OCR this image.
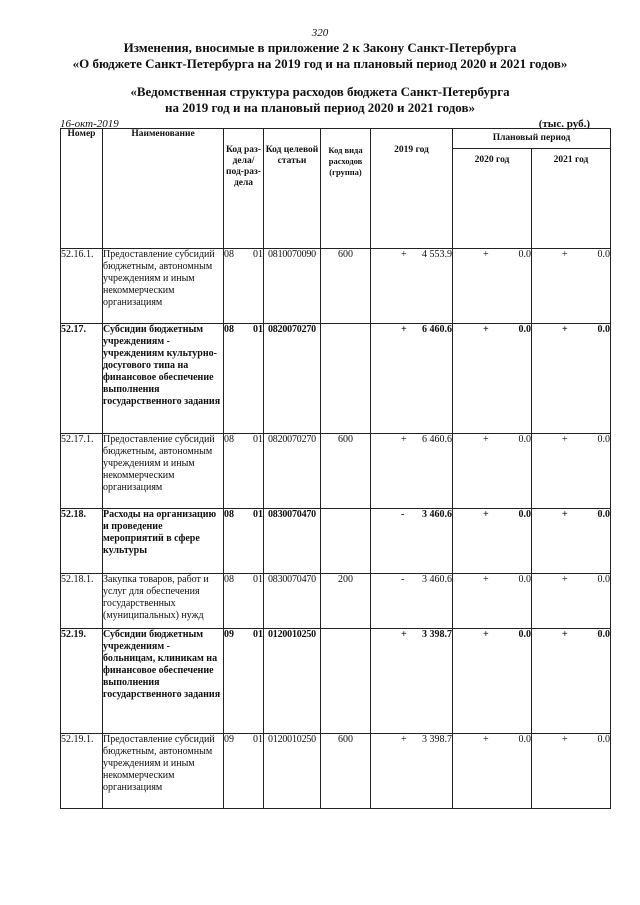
320
Изменения, вносимые в приложение 2 к Закону Санкт-Петербурга
«О бюджете Санкт-Петербурга на 2019 год и на плановый период 2020 и 2021 годов»
«Ведомственная структура расходов бюджета Санкт-Петербурга
на 2019 год и на плановый период 2020 и 2021 годов»
16-окт-2019	(тыс. руб.)
Номер	Наименование	Код раз-дела/ под-раз-дела	Код целевой статьи	Код вида расходов (группа)	2019 год	Плановый период	
						2020 год	2021 год
52.16.1.	Предоставление субсидий бюджетным, автономным учреждениям и иным некоммерческим организациям	08 01	0810070090	600	+ 4 553.9	+ 0.0	+ 0.0

52.17.	Субсидии бюджетным учреждениям - учреждениям культурно-досугового типа на финансовое обеспечение выполнения государственного задания	08 01	0820070270		+ 6 460.6	+ 0.0	+ 0.0

52.17.1.	Предоставление субсидий бюджетным, автономным учреждениям и иным некоммерческим организациям	08 01	0820070270	600	+ 6 460.6	+ 0.0	+ 0.0

52.18.	Расходы на организацию и проведение мероприятий в сфере культуры	08 01	0830070470		- 3 460.6	+ 0.0	+ 0.0

52.18.1.	Закупка товаров, работ и услуг для обеспечения государственных (муниципальных) нужд	08 01	0830070470	200	- 3 460.6	+ 0.0	+ 0.0

52.19.	Субсидии бюджетным учреждениям - больницам, клиникам на финансовое обеспечение выполнения государственного задания	09 01	0120010250		+ 3 398.7	+ 0.0	+ 0.0

52.19.1.	Предоставление субсидий бюджетным, автономным учреждениям и иным некоммерческим организациям	09 01	0120010250	600	+ 3 398.7	+ 0.0	+ 0.0
